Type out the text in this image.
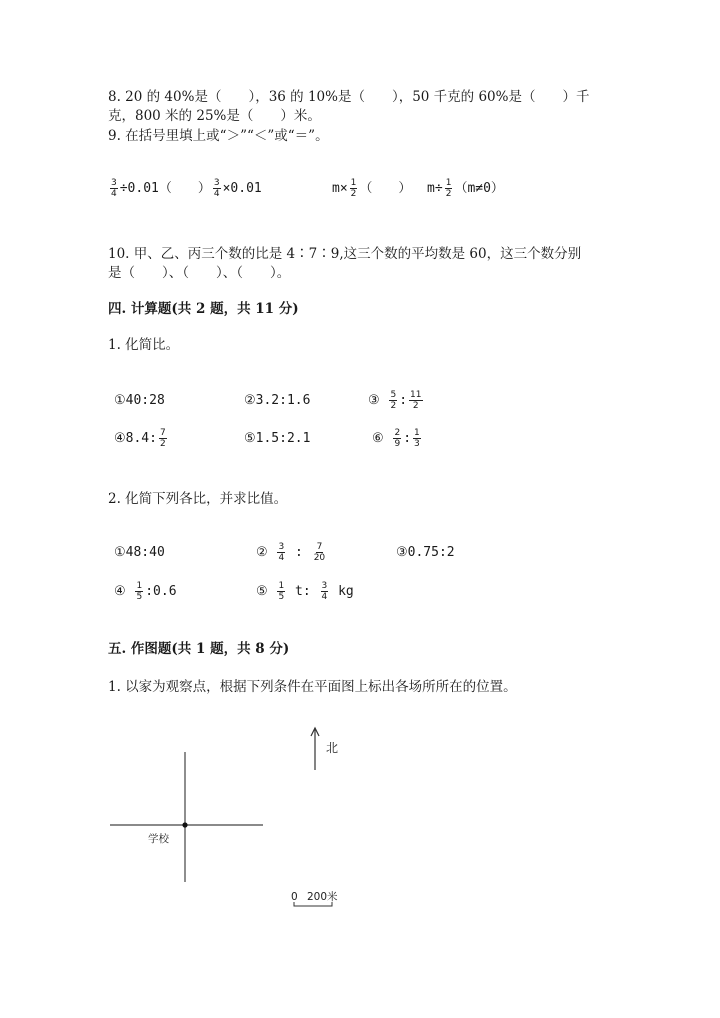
8. 20 的 40%是（　　），36 的 10%是（　　），50 千克的 60%是（　　）千
克，800 米的 25%是（　　）米。
9. 在括号里填上或“＞”“＜”或“＝”。
$\frac{3}{4} \div 0.01$（　　） $\frac{3}{4} \times 0.01$	$m\times \frac{1}{2}$ （　　）  $m\div \frac{1}{2} (m\ne 0)$
10. 甲、乙、丙三个数的比是 4∶7∶9,这三个数的平均数是 60，这三个数分别
是（　　）、（　　）、（　　）。
四. 计算题(共 2 题，共 11 分)
1. 化简比。
①40:28	②3.2:1.6	③ $\frac{5}{2}$ : $\frac{11}{2}$
④8.4: $\frac{7}{2}$	⑤1.5:2.1	⑥ $\frac{2}{9}$ : $\frac{1}{3}$
2. 化简下列各比，并求比值。
①48:40	② $\frac{3}{4}$ : $\frac{7}{20}$	③0.75:2
④ $\frac{1}{5}$ :0.6	⑤ $\frac{1}{5} t$: $\frac{3}{4}$ kg
五. 作图题(共 1 题，共 8 分)
1. 以家为观察点，根据下列条件在平面图上标出各场所所在的位置。
北
学校
0 200米
